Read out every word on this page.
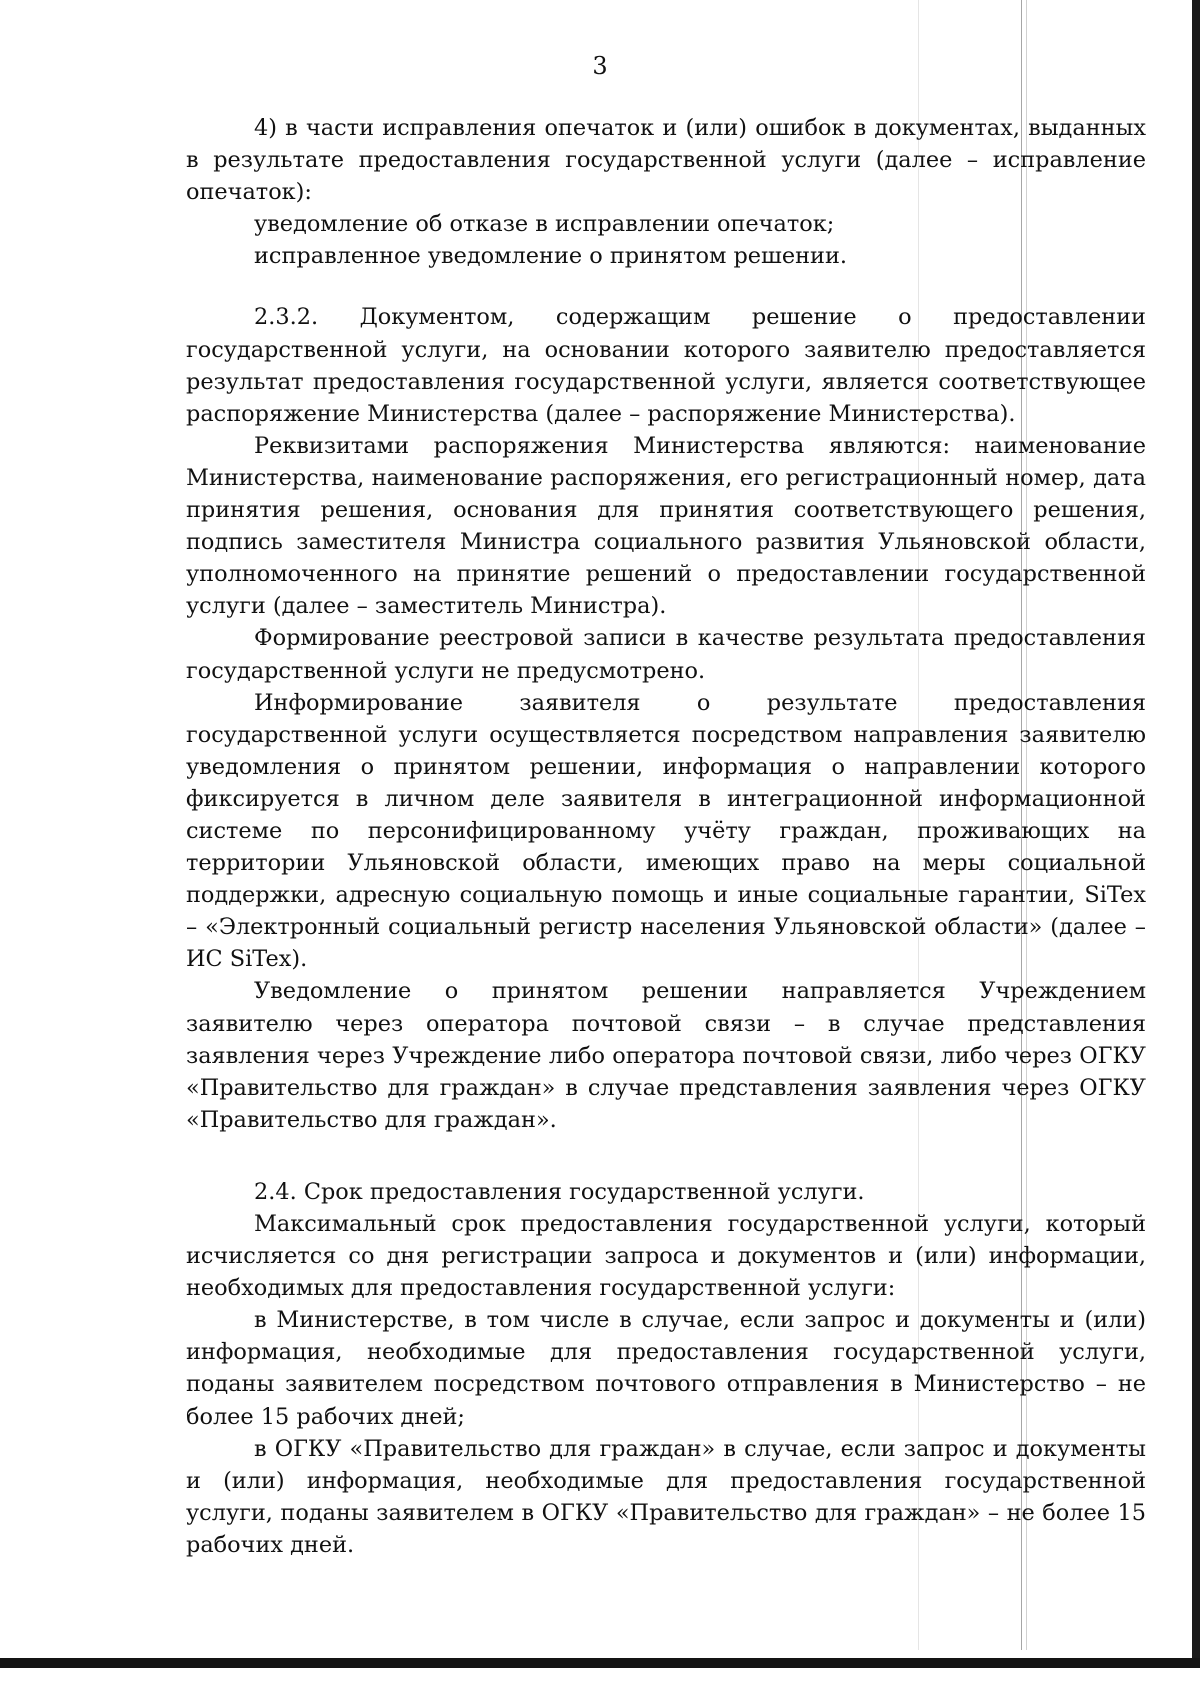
3

4) в части исправления опечаток и (или) ошибок в документах, выданных в результате предоставления государственной услуги (далее – исправление опечаток):

уведомление об отказе в исправлении опечаток;

исправленное уведомление о принятом решении.

2.3.2. Документом, содержащим решение о предоставлении государственной услуги, на основании которого заявителю предоставляется результат предоставления государственной услуги, является соответствующее распоряжение Министерства (далее – распоряжение Министерства).

Реквизитами распоряжения Министерства являются: наименование Министерства, наименование распоряжения, его регистрационный номер, дата принятия решения, основания для принятия соответствующего решения, подпись заместителя Министра социального развития Ульяновской области, уполномоченного на принятие решений о предоставлении государственной услуги (далее – заместитель Министра).

Формирование реестровой записи в качестве результата предоставления государственной услуги не предусмотрено.

Информирование заявителя о результате предоставления государственной услуги осуществляется посредством направления заявителю уведомления о принятом решении, информация о направлении которого фиксируется в личном деле заявителя в интеграционной информационной системе по персонифицированному учёту граждан, проживающих на территории Ульяновской области, имеющих право на меры социальной поддержки, адресную социальную помощь и иные социальные гарантии, SiTex – «Электронный социальный регистр населения Ульяновской области» (далее – ИС SiTex).

Уведомление о принятом решении направляется Учреждением заявителю через оператора почтовой связи – в случае представления заявления через Учреждение либо оператора почтовой связи, либо через ОГКУ «Правительство для граждан» в случае представления заявления через ОГКУ «Правительство для граждан».

2.4. Срок предоставления государственной услуги.

Максимальный срок предоставления государственной услуги, который исчисляется со дня регистрации запроса и документов и (или) информации, необходимых для предоставления государственной услуги:

в Министерстве, в том числе в случае, если запрос и документы и (или) информация, необходимые для предоставления государственной услуги, поданы заявителем посредством почтового отправления в Министерство – не более 15 рабочих дней;

в ОГКУ «Правительство для граждан» в случае, если запрос и документы и (или) информация, необходимые для предоставления государственной услуги, поданы заявителем в ОГКУ «Правительство для граждан» – не более 15 рабочих дней.
